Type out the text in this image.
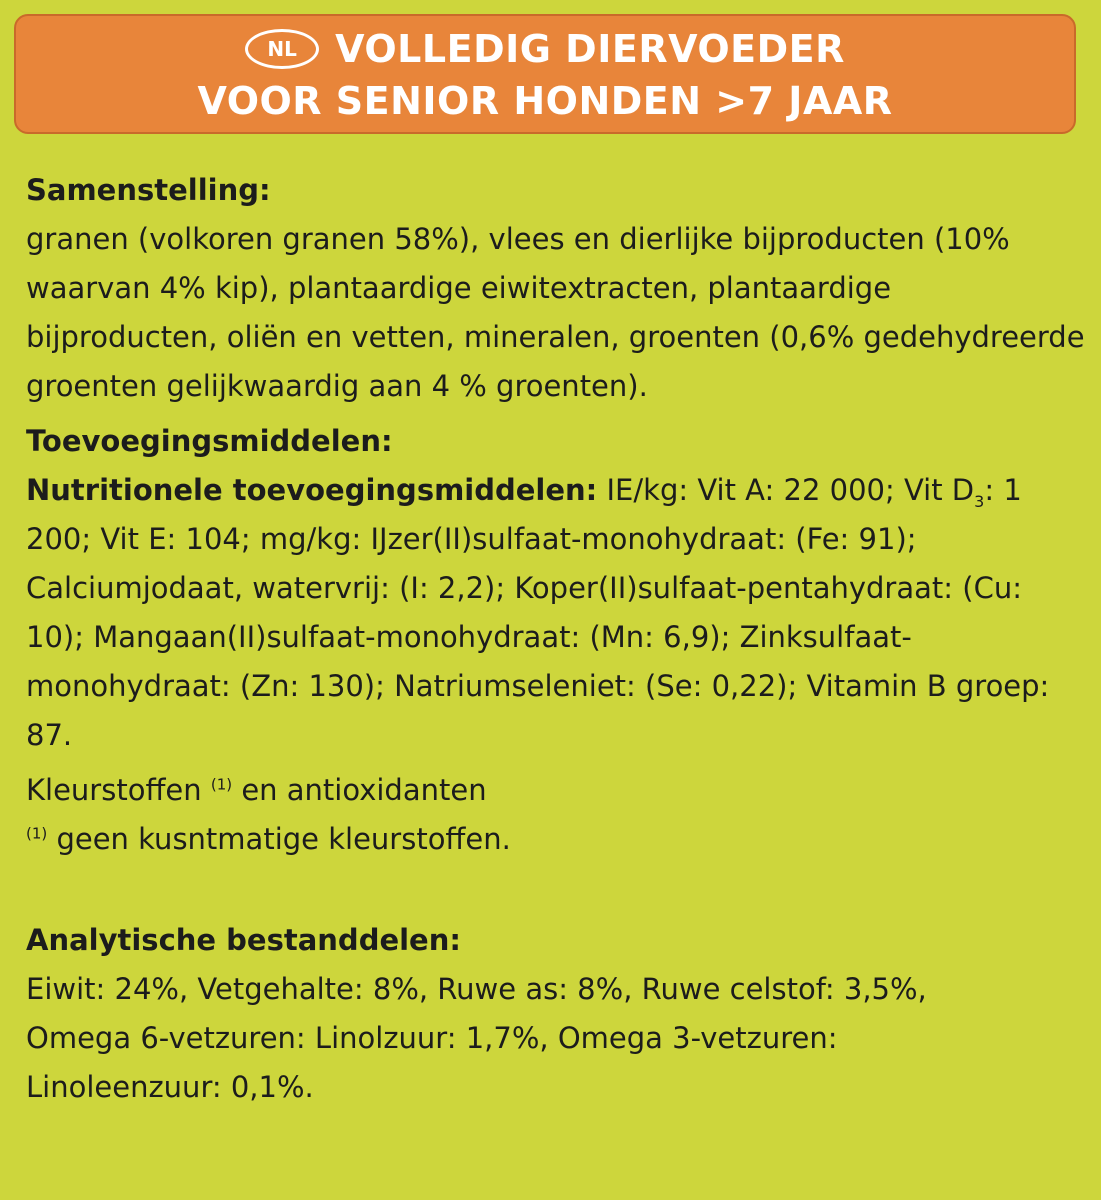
NL	VOLLEDIG DIERVOEDER
VOOR SENIOR HONDEN >7 JAAR

Samenstelling:

granen (volkoren granen 58%), vlees en dierlijke bijproducten (10% waarvan 4% kip), plantaardige eiwitextracten, plantaardige bijproducten, oliën en vetten, mineralen, groenten (0,6% gedehydreerde groenten gelijkwaardig aan 4 % groenten).

Toevoegingsmiddelen:

Nutritionele toevoegingsmiddelen: IE/kg: Vit A: 22 000; Vit $D_3$: 1 200; Vit E: 104; mg/kg: IJzer(II)sulfaat-monohydraat: (Fe: 91); Calciumjodaat, watervrij: (I: 2,2); Koper(II)sulfaat-pentahydraat: (Cu: 10); Mangaan(II)sulfaat-monohydraat: (Mn: 6,9); Zinksulfaat-monohydraat: (Zn: 130); Natriumseleniet: (Se: 0,22); Vitamin B groep: 87.

Kleurstoffen $^{(1)}$ en antioxidanten

$^{(1)}$ geen kusntmatige kleurstoffen.

Analytische bestanddelen:

Eiwit: 24%, Vetgehalte: 8%, Ruwe as: 8%, Ruwe celstof: 3,5%,

Omega 6-vetzuren: Linolzuur: 1,7%, Omega 3-vetzuren:

Linoleenzuur: 0,1%.
